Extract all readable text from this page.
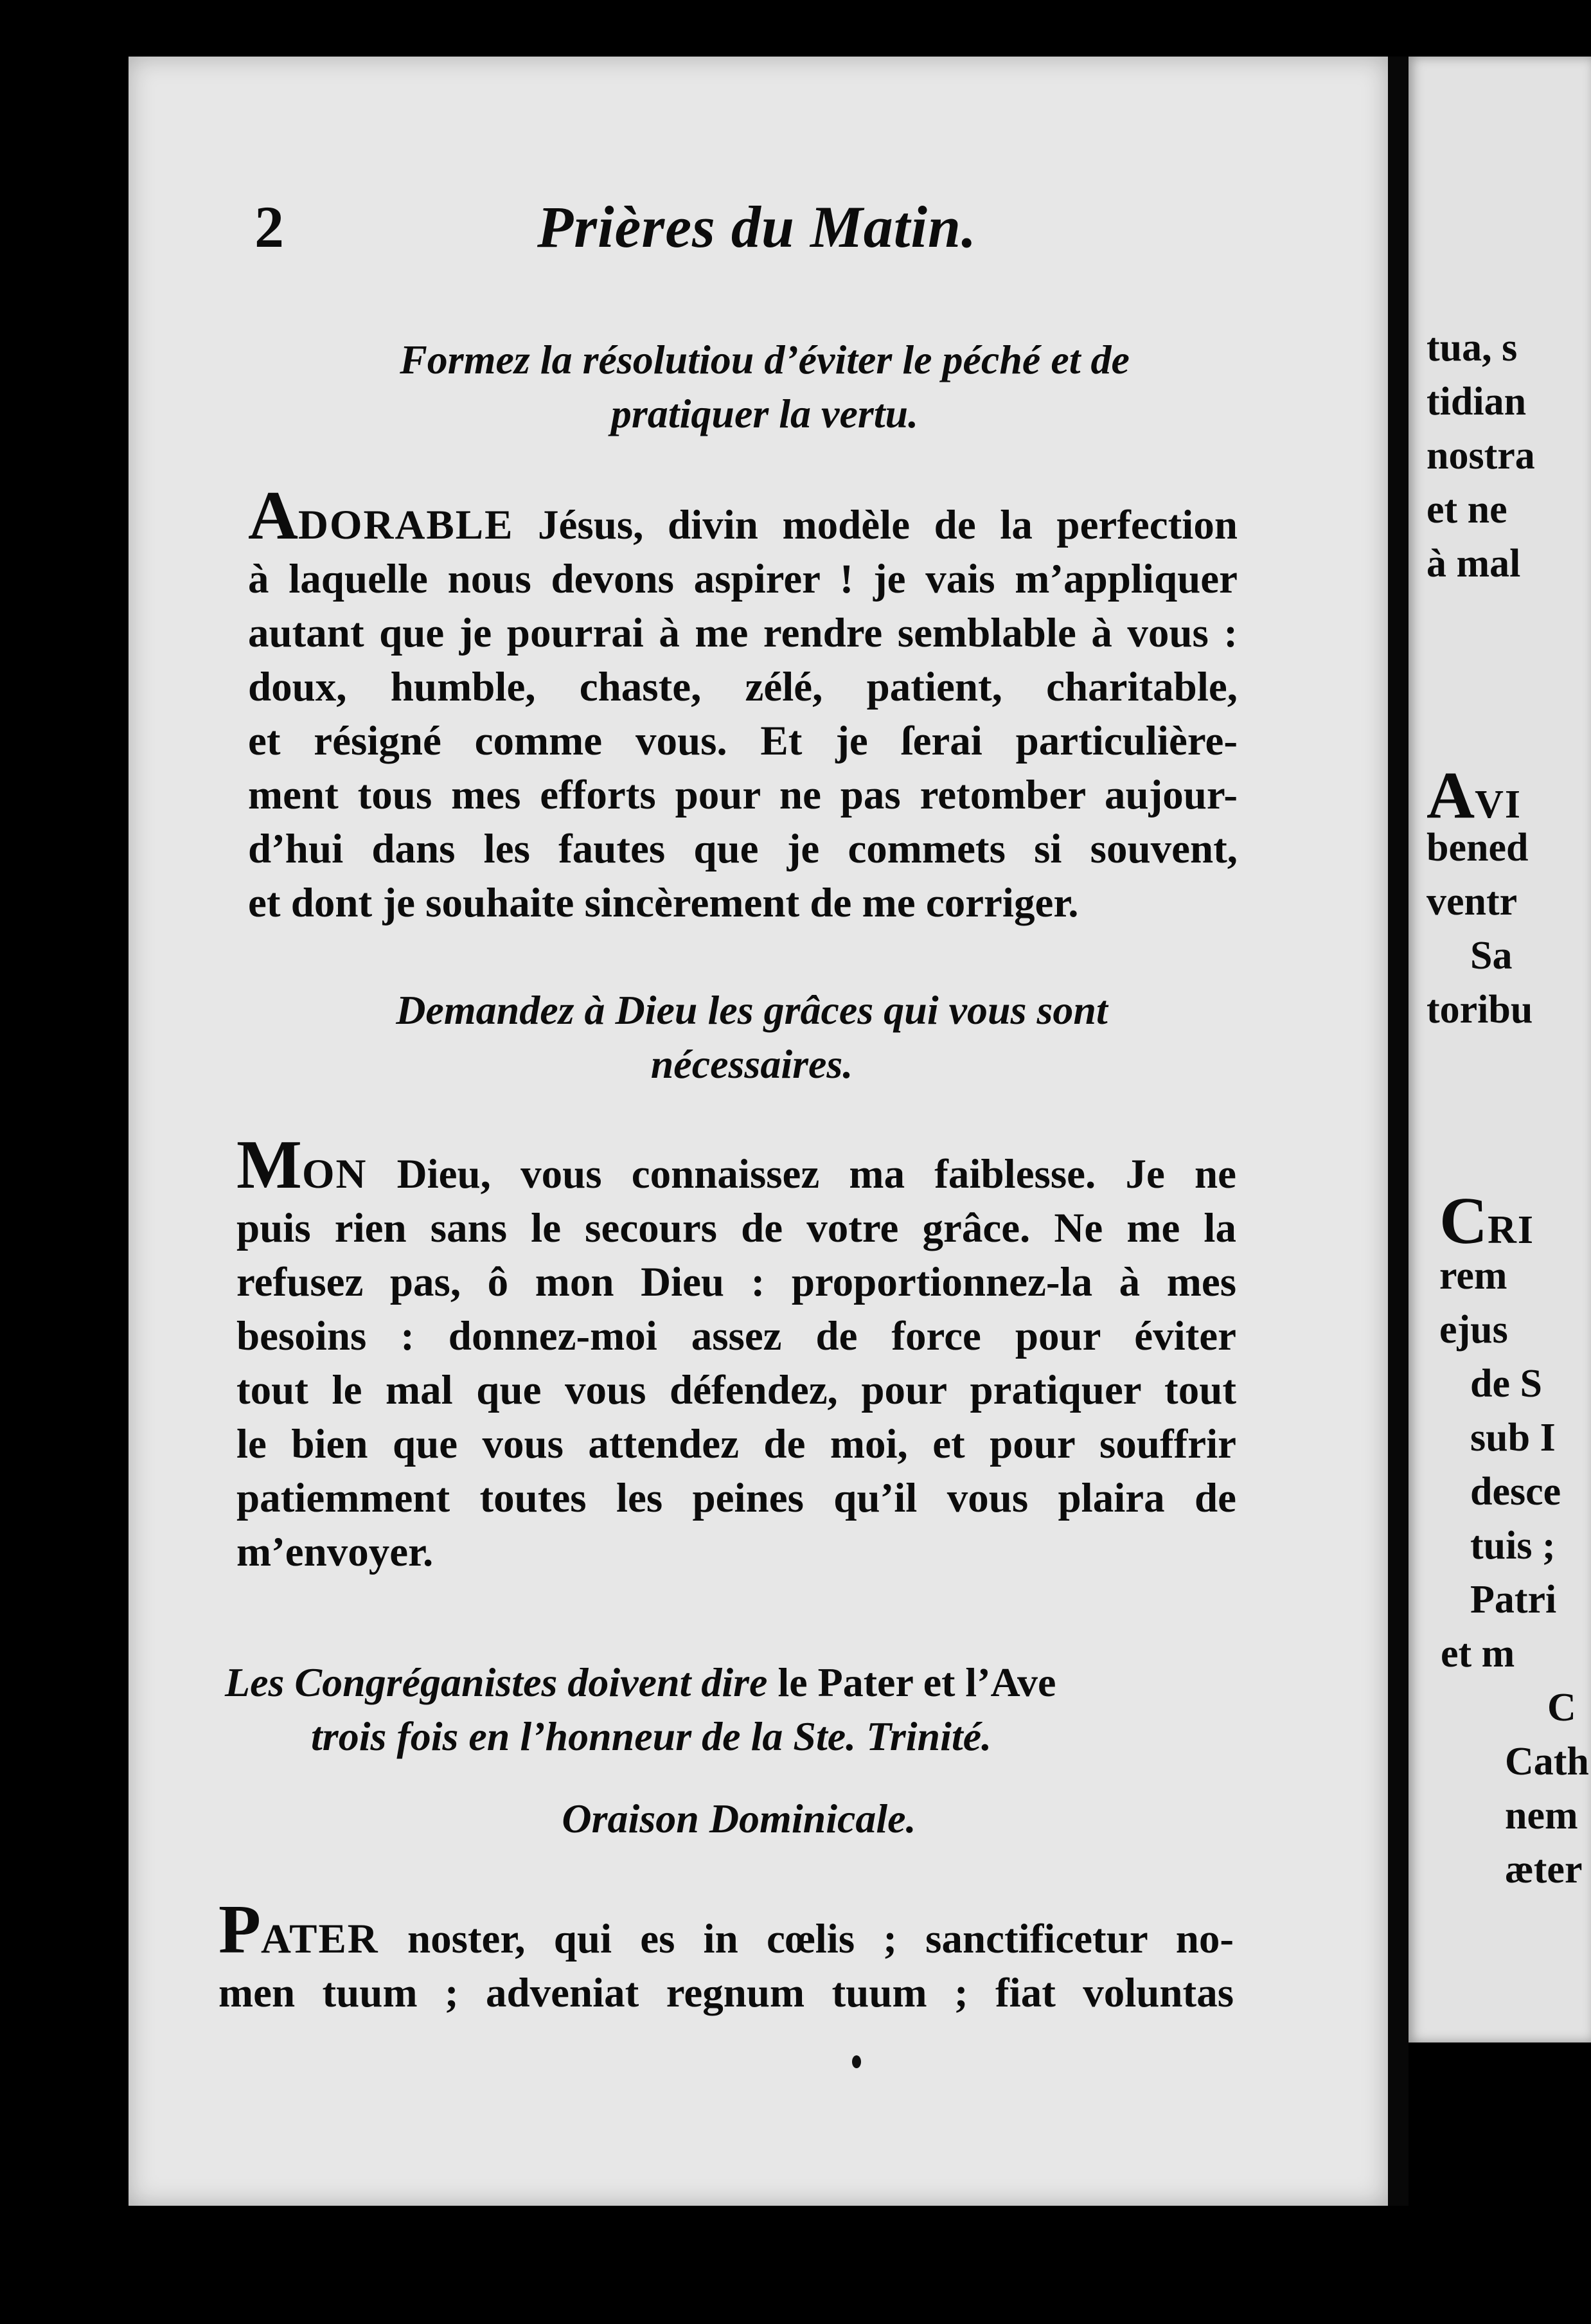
2	Prières du Matin.
Formez la résolutiou d’éviter le péché et de
pratiquer la vertu.
ADORABLE Jésus, divin modèle de la perfection
à laquelle nous devons aspirer ! je vais m’appliquer
autant que je pourrai à me rendre semblable à vous :
doux, humble, chaste, zélé, patient, charitable,
et résigné comme vous. Et je ſerai particulière-
ment tous mes efforts pour ne pas retomber aujour-
d’hui dans les fautes que je commets si souvent,
et dont je souhaite sincèrement de me corriger.
Demandez à Dieu les grâces qui vous sont
nécessaires.
MON Dieu, vous connaissez ma faiblesse. Je ne
puis rien sans le secours de votre grâce. Ne me la
refusez pas, ô mon Dieu : proportionnez-la à mes
besoins : donnez-moi assez de force pour éviter
tout le mal que vous défendez, pour pratiquer tout
le bien que vous attendez de moi, et pour souffrir
patiemment toutes les peines qu’il vous plaira de
m’envoyer.
Les Congréganistes doivent dire le Pater et l’Ave
trois fois en l’honneur de la Ste. Trinité.
Oraison Dominicale.
PATER noster, qui es in cœlis ; sanctificetur no-
men tuum ; adveniat regnum tuum ; fiat voluntas
tua, s
tidian
nostra
et ne
à mal
AVI
bened
ventr
Sa
toribu
CRI
rem
ejus
de S
sub I
desce
tuis ;
Patri
et m
C
Cath
nem
æter
